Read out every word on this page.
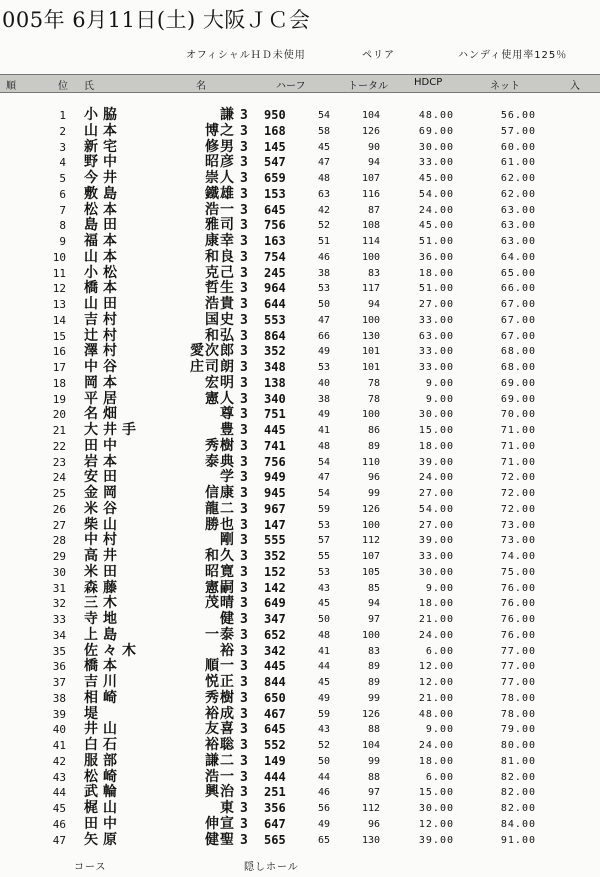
005年 6月11日(土) 大阪ＪＣ会
オフィシャルＨＤ未使用	ペリア	ハンディ使用率125％
順	位 氏	名	ハーフ	トータル	HDCP	ネット	入
1 小脇	謙 3 950	54	104	48.00	56.00
2 山本	博之 3 168	58	126	69.00	57.00
3 新宅	修男 3 145	45	90	30.00	60.00
4 野中	昭彦 3 547	47	94	33.00	61.00
5 今井	崇人 3 659	48	107	45.00	62.00
6 敷島	鐵雄 3 153	63	116	54.00	62.00
7 松本	浩一 3 645	42	87	24.00	63.00
8 島田	雅司 3 756	52	108	45.00	63.00
9 福本	康幸 3 163	51	114	51.00	63.00
10 山本	和良 3 754	46	100	36.00	64.00
11 小松	克己 3 245	38	83	18.00	65.00
12 橋本	哲生 3 964	53	117	51.00	66.00
13 山田	浩貴 3 644	50	94	27.00	67.00
14 吉村	国史 3 553	47	100	33.00	67.00
15 辻村	和弘 3 864	66	130	63.00	67.00
16 澤村	愛次郎 3 352	49	101	33.00	68.00
17 中谷	庄司朗 3 348	53	101	33.00	68.00
18 岡本	宏明 3 138	40	78	9.00	69.00
19 平居	憲人 3 340	38	78	9.00	69.00
20 名畑	尊 3 751	49	100	30.00	70.00
21 大井手	豊 3 445	41	86	15.00	71.00
22 田中	秀樹 3 741	48	89	18.00	71.00
23 岩本	泰典 3 756	54	110	39.00	71.00
24 安田	学 3 949	47	96	24.00	72.00
25 金岡	信康 3 945	54	99	27.00	72.00
26 米谷	龍二 3 967	59	126	54.00	72.00
27 柴山	勝也 3 147	53	100	27.00	73.00
28 中村	剛 3 555	57	112	39.00	73.00
29 高井	和久 3 352	55	107	33.00	74.00
30 米田	昭寛 3 152	53	105	30.00	75.00
31 森藤	憲嗣 3 142	43	85	9.00	76.00
32 三木	茂晴 3 649	45	94	18.00	76.00
33 寺地	健 3 347	50	97	21.00	76.00
34 上島	一泰 3 652	48	100	24.00	76.00
35 佐々木	裕 3 342	41	83	6.00	77.00
36 橋本	順一 3 445	44	89	12.00	77.00
37 吉川	悦正 3 844	45	89	12.00	77.00
38 相崎	秀樹 3 650	49	99	21.00	78.00
39 堤	裕成 3 467	59	126	48.00	78.00
40 井山	友喜 3 645	43	88	9.00	79.00
41 白石	裕聡 3 552	52	104	24.00	80.00
42 服部	謙二 3 149	50	99	18.00	81.00
43 松崎	浩一 3 444	44	88	6.00	82.00
44 武輪	興治 3 251	46	97	15.00	82.00
45 梶山	東 3 356	56	112	30.00	82.00
46 田中	伸宣 3 647	49	96	12.00	84.00
47 矢原	健聖 3 565	65	130	39.00	91.00
コース	隠しホール
